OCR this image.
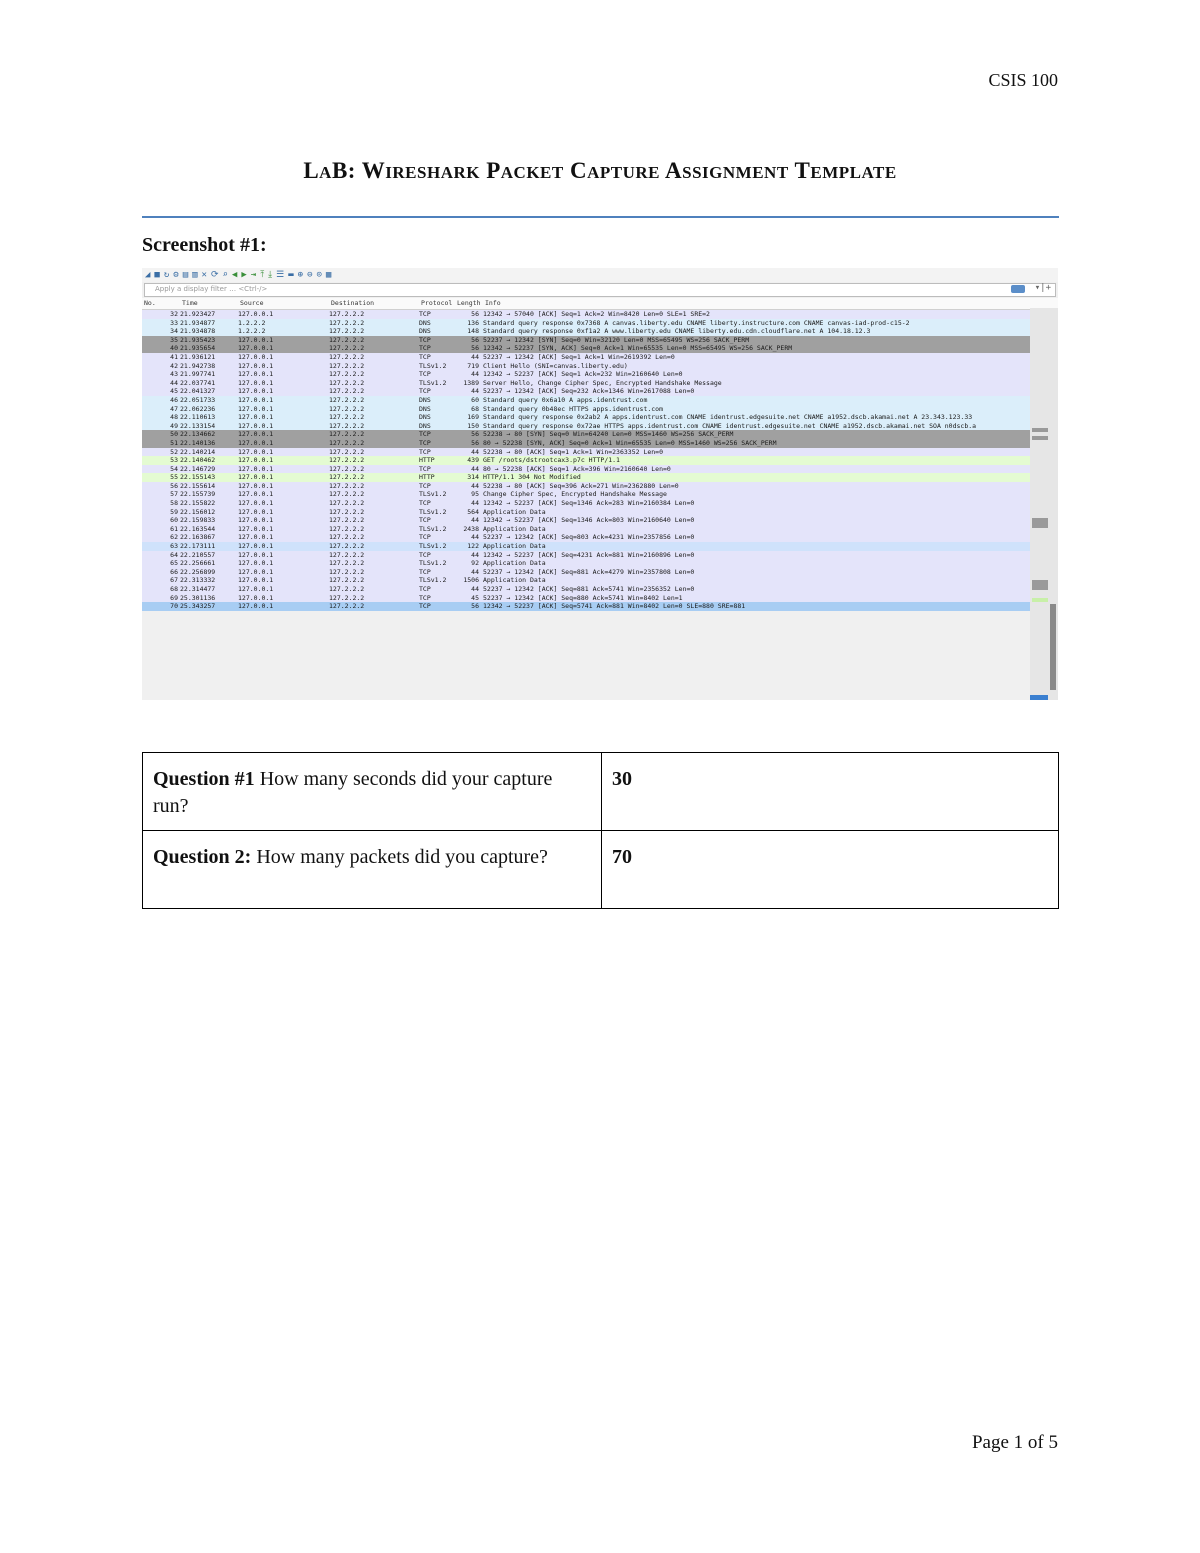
CSIS 100
LAB: WIRESHARK PACKET CAPTURE ASSIGNMENT TEMPLATE
Screenshot #1:
◢ ■ ↻ ⚙ ▤ ▥ ✕ ⟳ ⌕ ◀ ▶ ⇥ ⤒ ⤓ ☰ ▬ ⊕ ⊖ ⊙ ▦
Apply a display filter … <Ctrl-/>	▾|+
No.	Time	Source	Destination	Protocol Length Info
32 21.923427	127.0.0.1	127.2.2.2	TCP	56 12342 → 57040 [ACK] Seq=1 Ack=2 Win=8420 Len=0 SLE=1 SRE=2
33 21.934877	1.2.2.2	127.2.2.2	DNS	136 Standard query response 0x7368 A canvas.liberty.edu CNAME liberty.instructure.com CNAME canvas-iad-prod-c15-2
34 21.934878	1.2.2.2	127.2.2.2	DNS	148 Standard query response 0xf1a2 A www.liberty.edu CNAME liberty.edu.cdn.cloudflare.net A 104.18.12.3
35 21.935423	127.0.0.1	127.2.2.2	TCP	56 52237 → 12342 [SYN] Seq=0 Win=32120 Len=0 MSS=65495 WS=256 SACK_PERM
40 21.935654	127.0.0.1	127.2.2.2	TCP	56 12342 → 52237 [SYN, ACK] Seq=0 Ack=1 Win=65535 Len=0 MSS=65495 WS=256 SACK_PERM
41 21.936121	127.0.0.1	127.2.2.2	TCP	44 52237 → 12342 [ACK] Seq=1 Ack=1 Win=2619392 Len=0
42 21.942738	127.0.0.1	127.2.2.2	TLSv1.2	719 Client Hello (SNI=canvas.liberty.edu)
43 21.997741	127.0.0.1	127.2.2.2	TCP	44 12342 → 52237 [ACK] Seq=1 Ack=232 Win=2160640 Len=0
44 22.037741	127.0.0.1	127.2.2.2	TLSv1.2	1389 Server Hello, Change Cipher Spec, Encrypted Handshake Message
45 22.041327	127.0.0.1	127.2.2.2	TCP	44 52237 → 12342 [ACK] Seq=232 Ack=1346 Win=2617088 Len=0
46 22.051733	127.0.0.1	127.2.2.2	DNS	60 Standard query 0x6a10 A apps.identrust.com
47 22.062236	127.0.0.1	127.2.2.2	DNS	68 Standard query 0b48ec HTTPS apps.identrust.com
48 22.110613	127.0.0.1	127.2.2.2	DNS	169 Standard query response 0x2ab2 A apps.identrust.com CNAME identrust.edgesuite.net CNAME a1952.dscb.akamai.net A 23.343.123.33
49 22.133154	127.0.0.1	127.2.2.2	DNS	150 Standard query response 0x72ae HTTPS apps.identrust.com CNAME identrust.edgesuite.net CNAME a1952.dscb.akamai.net SOA n0dscb.a
50 22.134662	127.0.0.1	127.2.2.2	TCP	56 52238 → 80 [SYN] Seq=0 Win=64240 Len=0 MSS=1460 WS=256 SACK_PERM
51 22.140136	127.0.0.1	127.2.2.2	TCP	56 80 → 52238 [SYN, ACK] Seq=0 Ack=1 Win=65535 Len=0 MSS=1460 WS=256 SACK_PERM
52 22.140214	127.0.0.1	127.2.2.2	TCP	44 52238 → 80 [ACK] Seq=1 Ack=1 Win=2363352 Len=0
53 22.140462	127.0.0.1	127.2.2.2	HTTP	439 GET /roots/dstrootcax3.p7c HTTP/1.1
54 22.146729	127.0.0.1	127.2.2.2	TCP	44 80 → 52238 [ACK] Seq=1 Ack=396 Win=2160640 Len=0
55 22.155143	127.0.0.1	127.2.2.2	HTTP	314 HTTP/1.1 304 Not Modified
56 22.155614	127.0.0.1	127.2.2.2	TCP	44 52238 → 80 [ACK] Seq=396 Ack=271 Win=2362880 Len=0
57 22.155739	127.0.0.1	127.2.2.2	TLSv1.2	95 Change Cipher Spec, Encrypted Handshake Message
58 22.155822	127.0.0.1	127.2.2.2	TCP	44 12342 → 52237 [ACK] Seq=1346 Ack=283 Win=2160384 Len=0
59 22.156012	127.0.0.1	127.2.2.2	TLSv1.2	564 Application Data
60 22.159833	127.0.0.1	127.2.2.2	TCP	44 12342 → 52237 [ACK] Seq=1346 Ack=803 Win=2160640 Len=0
61 22.163544	127.0.0.1	127.2.2.2	TLSv1.2	2438 Application Data
62 22.163867	127.0.0.1	127.2.2.2	TCP	44 52237 → 12342 [ACK] Seq=803 Ack=4231 Win=2357856 Len=0
63 22.173111	127.0.0.1	127.2.2.2	TLSv1.2	122 Application Data
64 22.210557	127.0.0.1	127.2.2.2	TCP	44 12342 → 52237 [ACK] Seq=4231 Ack=881 Win=2160896 Len=0
65 22.256661	127.0.0.1	127.2.2.2	TLSv1.2	92 Application Data
66 22.256899	127.0.0.1	127.2.2.2	TCP	44 52237 → 12342 [ACK] Seq=881 Ack=4279 Win=2357808 Len=0
67 22.313332	127.0.0.1	127.2.2.2	TLSv1.2	1506 Application Data
68 22.314477	127.0.0.1	127.2.2.2	TCP	44 52237 → 12342 [ACK] Seq=881 Ack=5741 Win=2356352 Len=0
69 25.301136	127.0.0.1	127.2.2.2	TCP	45 52237 → 12342 [ACK] Seq=880 Ack=5741 Win=8402 Len=1
70 25.343257	127.0.0.1	127.2.2.2	TCP	56 12342 → 52237 [ACK] Seq=5741 Ack=881 Win=8402 Len=0 SLE=880 SRE=881
Question #1 How many seconds did your capture run?	30
Question 2: How many packets did you capture?	70
Page 1 of 5
